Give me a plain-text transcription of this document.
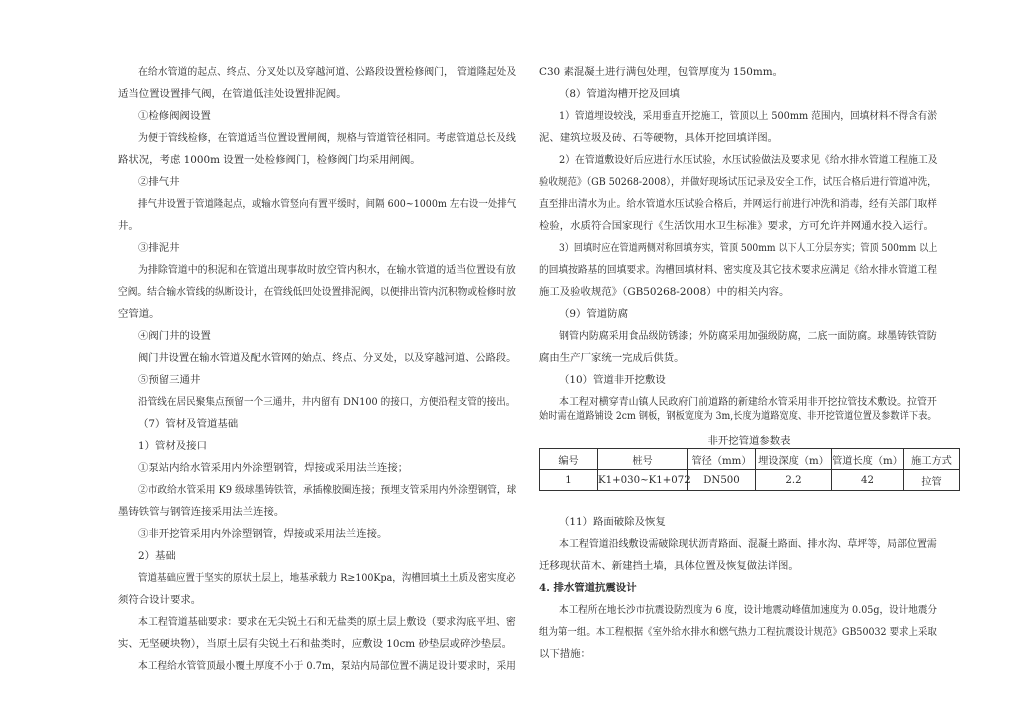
在给水管道的起点、终点、分叉处以及穿越河道、公路段设置检修阀门， 管道隆起处及
适当位置设置排气阀，在管道低洼处设置排泥阀。
①检修阀阀设置
为便于管线检修，在管道适当位置设置闸阀，规格与管道管径相同。考虑管道总长及线
路状况，考虑 1000m 设置一处检修阀门，检修阀门均采用闸阀。
②排气井
排气井设置于管道隆起点，或输水管竖向有置平缓时，间隔 600~1000m 左右设一处排气
井。
③排泥井
为排除管道中的积泥和在管道出现事故时放空管内积水，在输水管道的适当位置设有放
空阀。结合输水管线的纵断设计，在管线低凹处设置排泥阀，以便排出管内沉积物或检修时放
空管道。
④阀门井的设置
阀门井设置在输水管道及配水管网的始点、终点、分叉处，以及穿越河道、公路段。
⑤预留三通井
沿管线在居民聚集点预留一个三通井，井内留有 DN100 的接口，方便沿程支管的接出。
（7）管材及管道基础
1）管材及接口
①泵站内给水管采用内外涂塑钢管，焊接或采用法兰连接；
②市政给水管采用 K9 级球墨铸铁管，承插橡胶圈连接；预埋支管采用内外涂塑钢管，球
墨铸铁管与钢管连接采用法兰连接。
③非开挖管采用内外涂塑钢管，焊接或采用法兰连接。
2）基础
管道基础应置于坚实的原状土层上，地基承载力 R≥100Kpa，沟槽回填土土质及密实度必
须符合设计要求。
本工程管道基础要求：要求在无尖锐土石和无盐类的原土层上敷设（要求沟底平坦、密
实、无坚硬块物），当原土层有尖锐土石和盐类时，应敷设 10cm 砂垫层或碎沙垫层。
本工程给水管管顶最小覆土厚度不小于 0.7m，泵站内局部位置不满足设计要求时，采用
C30 素混凝土进行满包处理，包管厚度为 150mm。
（8）管道沟槽开挖及回填
1）管道埋设较浅，采用垂直开挖施工，管顶以上 500mm 范围内，回填材料不得含有淤
泥、建筑垃圾及砖、石等硬物，具体开挖回填详图。
2）在管道敷设好后应进行水压试验，水压试验做法及要求见《给水排水管道工程施工及
验收规范》（GB 50268-2008），并做好现场试压记录及安全工作，试压合格后进行管道冲洗，
直至排出清水为止。给水管道水压试验合格后，并网运行前进行冲洗和消毒，经有关部门取样
检验，水质符合国家现行《生活饮用水卫生标准》要求，方可允许并网通水投入运行。
3）回填时应在管道两侧对称回填夯实，管顶 500mm 以下人工分层夯实；管顶 500mm 以上
的回填按路基的回填要求。沟槽回填材料、密实度及其它技术要求应满足《给水排水管道工程
施工及验收规范》（GB50268-2008）中的相关内容。
（9）管道防腐
钢管内防腐采用食品级防锈漆；外防腐采用加强级防腐，二底一面防腐。球墨铸铁管防
腐由生产厂家统一完成后供货。
（10）管道非开挖敷设
本工程对横穿青山镇人民政府门前道路的新建给水管采用非开挖拉管技术敷设。拉管开
始时需在道路铺设 2cm 钢板，钢板宽度为 3m,长度为道路宽度、非开挖管道位置及参数详下表。
非开挖管道参数表
编号	桩号	管径（mm）	埋设深度（m）	管道长度（m）	施工方式
1	K1+030~K1+072	DN500	2.2	42	拉管
（11）路面破除及恢复
本工程管道沿线敷设需破除现状沥青路面、混凝土路面、排水沟、草坪等，局部位置需
迁移现状苗木、新建挡土墙，具体位置及恢复做法详图。
4. 排水管道抗震设计
本工程所在地长沙市抗震设防烈度为 6 度，设计地震动峰值加速度为 0.05g，设计地震分
组为第一组。本工程根据《室外给水排水和燃气热力工程抗震设计规范》GB50032 要求上采取
以下措施：
